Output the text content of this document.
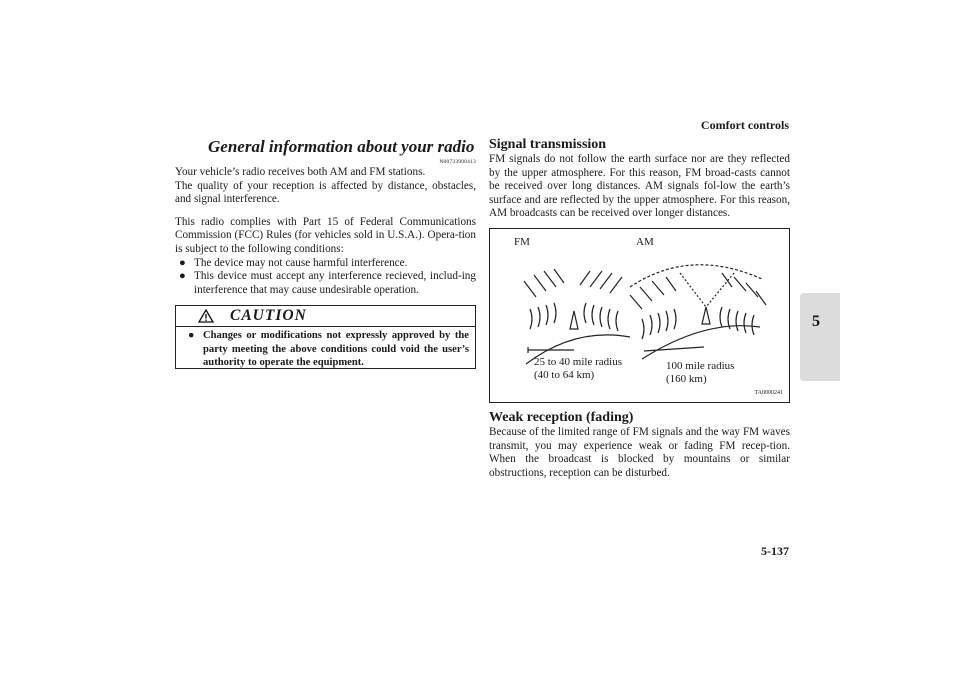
Comfort controls
5
5-137
General information about your radio
N00733900413

Your vehicle’s radio receives both AM and FM stations.

The quality of your reception is affected by distance, obstacles, and signal interference.

This radio complies with Part 15 of Federal Communications Commission (FCC) Rules (for vehicles sold in U.S.A.). Opera-tion is subject to the following conditions:

● The device may not cause harmful interference.
● This device must accept any interference recieved, includ-ing interference that may cause undesirable operation.
CAUTION
● Changes or modifications not expressly approved by the party meeting the above conditions could void the user’s authority to operate the equipment.
Signal transmission

FM signals do not follow the earth surface nor are they reflected by the upper atmosphere. For this reason, FM broad-casts cannot be received over long distances. AM signals fol-low the earth’s surface and are reflected by the upper atmosphere. For this reason, AM broadcasts can be received over longer distances.

FM	AM
25 to 40 mile radius
(40 to 64 km)
100 mile radius
(160 km)
TA0000241
Weak reception (fading)

Because of the limited range of FM signals and the way FM waves transmit, you may experience weak or fading FM recep-tion. When the broadcast is blocked by mountains or similar obstructions, reception can be disturbed.
